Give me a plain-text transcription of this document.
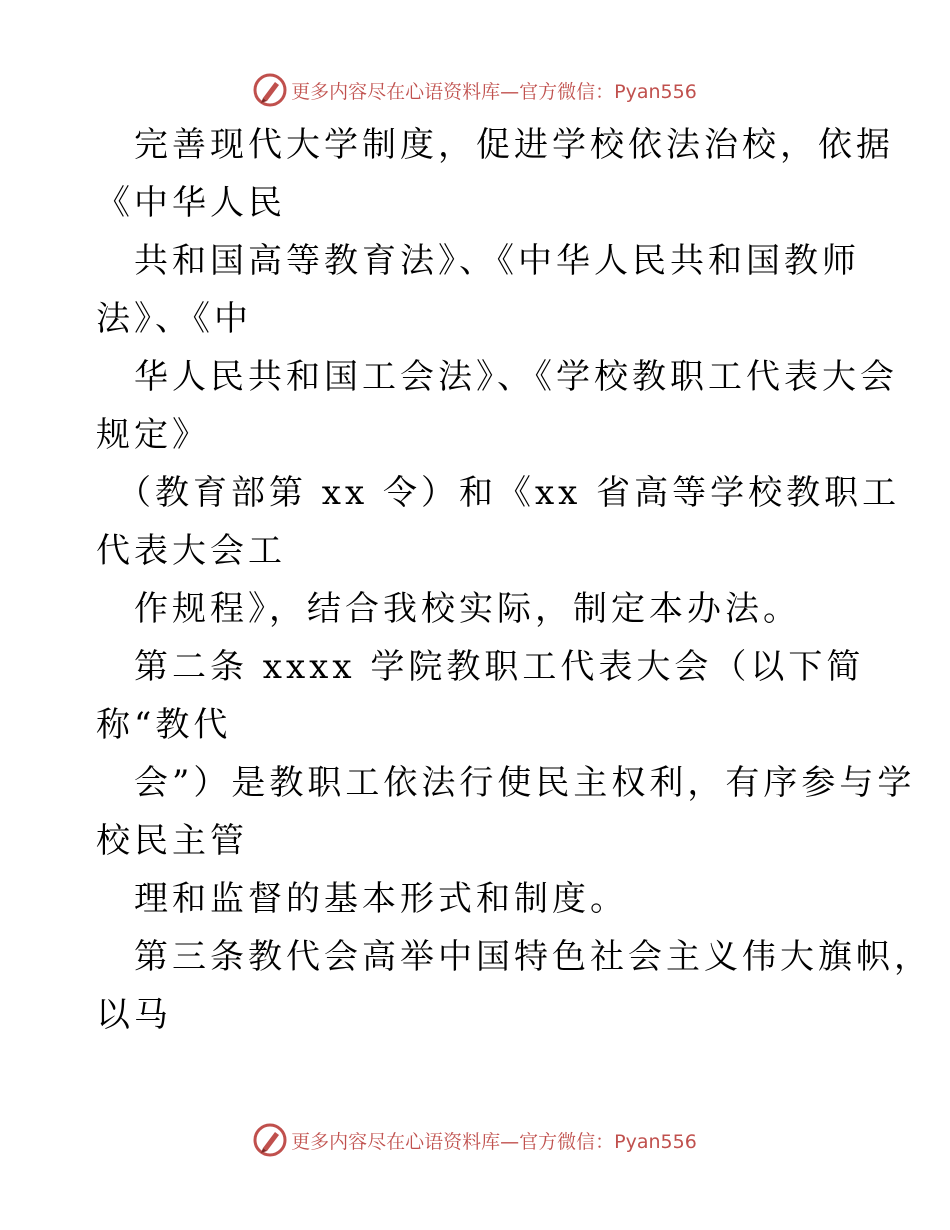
更多内容尽在心语资料库—官方微信：Pyan556
　完善现代大学制度，促进学校依法治校，依据
《中华人民
　共和国高等教育法》、《中华人民共和国教师
法》、《中
　华人民共和国工会法》、《学校教职工代表大会
规定》
　（教育部第 xx 令）和《xx 省高等学校教职工
代表大会工
　作规程》，结合我校实际，制定本办法。
　第二条 xxxx 学院教职工代表大会（以下简
称“教代
　会”）是教职工依法行使民主权利，有序参与学
校民主管
　理和监督的基本形式和制度。
　第三条教代会高举中国特色社会主义伟大旗帜，
以马
更多内容尽在心语资料库—官方微信：Pyan556
